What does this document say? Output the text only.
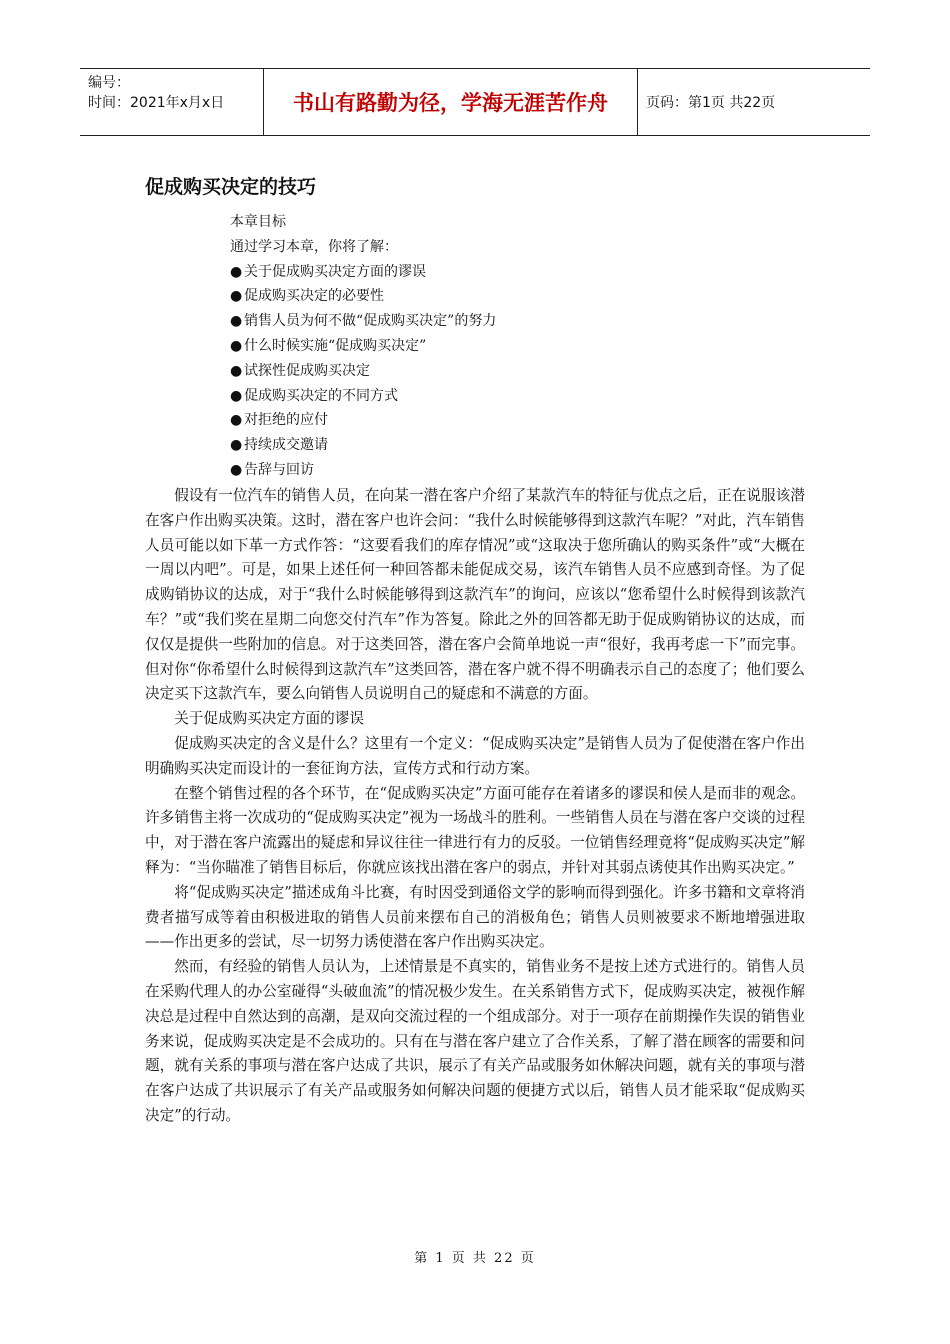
编号：
时间：2021年x月x日	书山有路勤为径，学海无涯苦作舟	页码：第1页 共22页
促成购买决定的技巧
本章目标
通过学习本章，你将了解：
● 关于促成购买决定方面的谬误
● 促成购买决定的必要性
● 销售人员为何不做“促成购买决定”的努力
● 什么时候实施“促成购买决定”
● 试探性促成购买决定
● 促成购买决定的不同方式
● 对拒绝的应付
● 持续成交邀请
● 告辞与回访

假设有一位汽车的销售人员，在向某一潜在客户介绍了某款汽车的特征与优点之后，正在说服该潜在客户作出购买决策。这时，潜在客户也许会问：“我什么时候能够得到这款汽车呢？”对此，汽车销售人员可能以如下革一方式作答：“这要看我们的库存情况”或“这取决于您所确认的购买条件”或“大概在一周以内吧”。可是，如果上述任何一种回答都未能促成交易，该汽车销售人员不应感到奇怪。为了促成购销协议的达成，对于“我什么时候能够得到这款汽车”的询问，应该以“您希望什么时候得到该款汽车？”或“我们奖在星期二向您交付汽车”作为答复。除此之外的回答都无助于促成购销协议的达成，而仅仅是提供一些附加的信息。对于这类回答，潜在客户会简单地说一声“很好，我再考虑一下”而完事。但对你“你希望什么时候得到这款汽车”这类回答，潜在客户就不得不明确表示自己的态度了；他们要么决定买下这款汽车，要么向销售人员说明自己的疑虑和不满意的方面。

关于促成购买决定方面的谬误

促成购买决定的含义是什么？这里有一个定义：“促成购买决定”是销售人员为了促使潜在客户作出明确购买决定而设计的一套征询方法，宣传方式和行动方案。

在整个销售过程的各个环节，在“促成购买决定”方面可能存在着诸多的谬误和侯人是而非的观念。许多销售主将一次成功的“促成购买决定”视为一场战斗的胜利。一些销售人员在与潜在客户交谈的过程中，对于潜在客户流露出的疑虑和异议往往一律进行有力的反驳。一位销售经理竟将“促成购买决定”解释为：“当你瞄准了销售目标后，你就应该找出潜在客户的弱点，并针对其弱点诱使其作出购买决定。”

将“促成购买决定”描述成角斗比赛，有时因受到通俗文学的影响而得到强化。许多书籍和文章将消费者描写成等着由积极进取的销售人员前来摆布自己的消极角色；销售人员则被要求不断地增强进取——作出更多的尝试，尽一切努力诱使潜在客户作出购买决定。

然而，有经验的销售人员认为，上述情景是不真实的，销售业务不是按上述方式进行的。销售人员在采购代理人的办公室碰得“头破血流”的情况极少发生。在关系销售方式下，促成购买决定，被视作解决总是过程中自然达到的高潮，是双向交流过程的一个组成部分。对于一项存在前期操作失误的销售业务来说，促成购买决定是不会成功的。只有在与潜在客户建立了合作关系，了解了潜在顾客的需要和问题，就有关系的事项与潜在客户达成了共识，展示了有关产品或服务如休解决问题，就有关的事项与潜在客户达成了共识展示了有关产品或服务如何解决问题的便捷方式以后，销售人员才能采取“促成购买决定”的行动。

第 1 页 共 22 页
